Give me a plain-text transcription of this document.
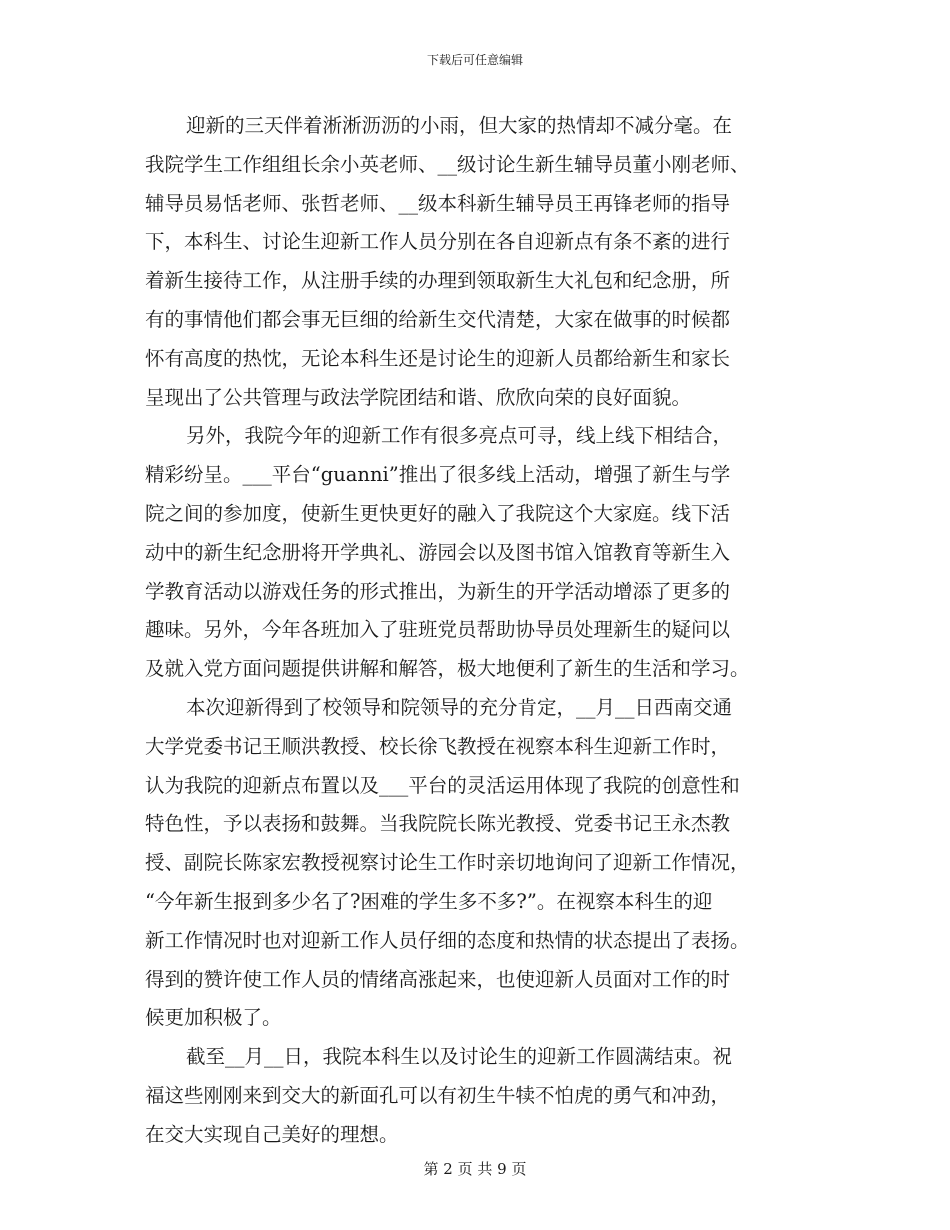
下载后可任意编辑

迎新的三天伴着淅淅沥沥的小雨，但大家的热情却不减分毫。在
我院学生工作组组长余小英老师、__级讨论生新生辅导员董小刚老师、
辅导员易恬老师、张哲老师、__级本科新生辅导员王再锋老师的指导
下，本科生、讨论生迎新工作人员分别在各自迎新点有条不紊的进行
着新生接待工作，从注册手续的办理到领取新生大礼包和纪念册，所
有的事情他们都会事无巨细的给新生交代清楚，大家在做事的时候都
怀有高度的热忱，无论本科生还是讨论生的迎新人员都给新生和家长
呈现出了公共管理与政法学院团结和谐、欣欣向荣的良好面貌。

另外，我院今年的迎新工作有很多亮点可寻，线上线下相结合，
精彩纷呈。___平台“guanni”推出了很多线上活动，增强了新生与学
院之间的参加度，使新生更快更好的融入了我院这个大家庭。线下活
动中的新生纪念册将开学典礼、游园会以及图书馆入馆教育等新生入
学教育活动以游戏任务的形式推出，为新生的开学活动增添了更多的
趣味。另外，今年各班加入了驻班党员帮助协导员处理新生的疑问以
及就入党方面问题提供讲解和解答，极大地便利了新生的生活和学习。

本次迎新得到了校领导和院领导的充分肯定，__月__日西南交通
大学党委书记王顺洪教授、校长徐飞教授在视察本科生迎新工作时，
认为我院的迎新点布置以及___平台的灵活运用体现了我院的创意性和
特色性，予以表扬和鼓舞。当我院院长陈光教授、党委书记王永杰教
授、副院长陈家宏教授视察讨论生工作时亲切地询问了迎新工作情况，
“今年新生报到多少名了?困难的学生多不多?”。在视察本科生的迎
新工作情况时也对迎新工作人员仔细的态度和热情的状态提出了表扬。
得到的赞许使工作人员的情绪高涨起来，也使迎新人员面对工作的时
候更加积极了。

截至__月__日，我院本科生以及讨论生的迎新工作圆满结束。祝
福这些刚刚来到交大的新面孔可以有初生牛犊不怕虎的勇气和冲劲，
在交大实现自己美好的理想。

第 2 页 共 9 页
